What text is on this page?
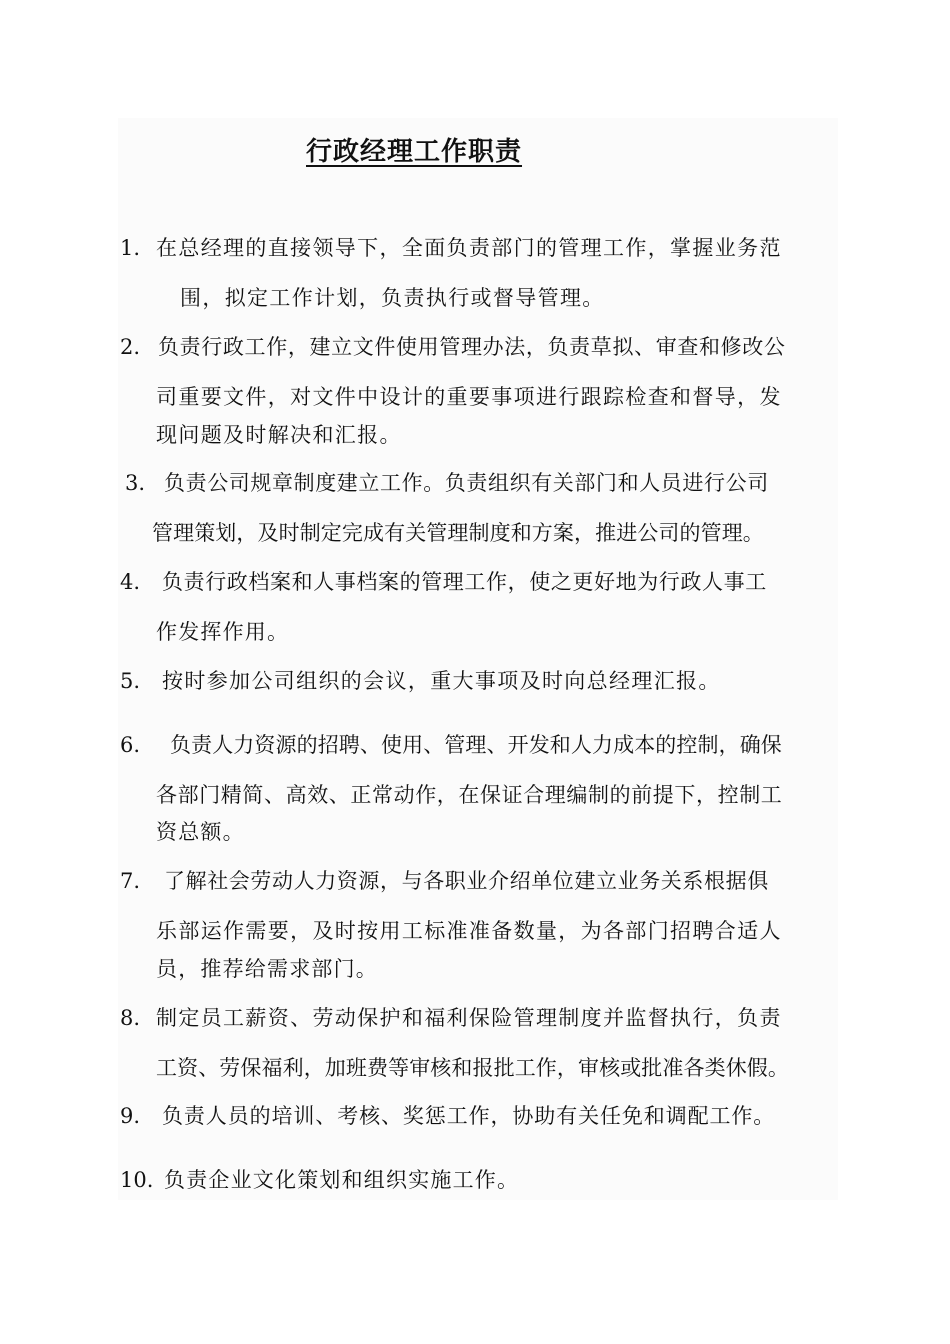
行政经理工作职责
1. 在总经理的直接领导下，全面负责部门的管理工作，掌握业务范
围，拟定工作计划，负责执行或督导管理。
2. 负责行政工作，建立文件使用管理办法，负责草拟、审查和修改公
司重要文件，对文件中设计的重要事项进行跟踪检查和督导，发
现问题及时解决和汇报。
3. 负责公司规章制度建立工作。负责组织有关部门和人员进行公司
管理策划，及时制定完成有关管理制度和方案，推进公司的管理。
4. 负责行政档案和人事档案的管理工作，使之更好地为行政人事工
作发挥作用。
5. 按时参加公司组织的会议，重大事项及时向总经理汇报。
6. 负责人力资源的招聘、使用、管理、开发和人力成本的控制，确保
各部门精简、高效、正常动作，在保证合理编制的前提下，控制工
资总额。
7. 了解社会劳动人力资源，与各职业介绍单位建立业务关系根据俱
乐部运作需要，及时按用工标准准备数量，为各部门招聘合适人
员，推荐给需求部门。
8. 制定员工薪资、劳动保护和福利保险管理制度并监督执行，负责
工资、劳保福利，加班费等审核和报批工作，审核或批准各类休假。
9. 负责人员的培训、考核、奖惩工作，协助有关任免和调配工作。
10. 负责企业文化策划和组织实施工作。
